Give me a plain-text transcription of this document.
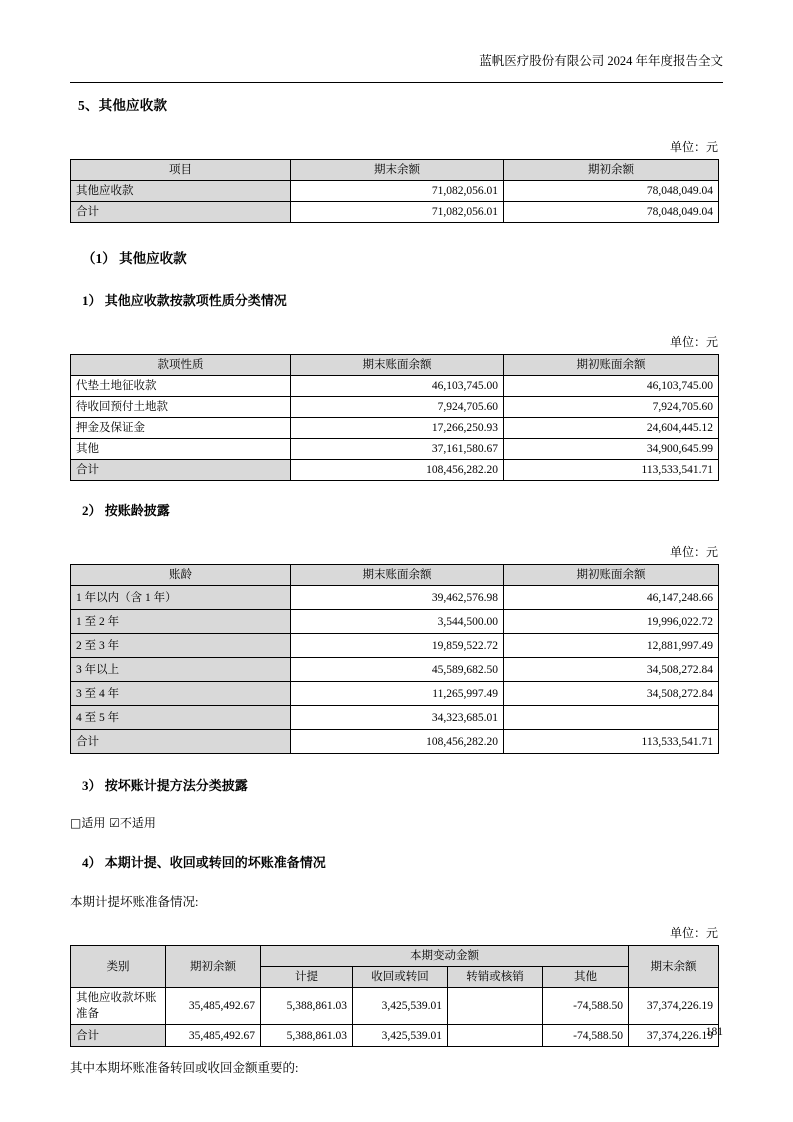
蓝帆医疗股份有限公司 2024 年年度报告全文
5、其他应收款
单位：元
项目	期末余额	期初余额
其他应收款	71,082,056.01	78,048,049.04
合计	71,082,056.01	78,048,049.04
（1） 其他应收款
1） 其他应收款按款项性质分类情况
单位：元
款项性质	期末账面余额	期初账面余额
代垫土地征收款	46,103,745.00	46,103,745.00
待收回预付土地款	7,924,705.60	7,924,705.60
押金及保证金	17,266,250.93	24,604,445.12
其他	37,161,580.67	34,900,645.99
合计	108,456,282.20	113,533,541.71
2） 按账龄披露
单位：元
账龄	期末账面余额	期初账面余额
1 年以内（含 1 年）	39,462,576.98	46,147,248.66
1 至 2 年	3,544,500.00	19,996,022.72
2 至 3 年	19,859,522.72	12,881,997.49
3 年以上	45,589,682.50	34,508,272.84
3 至 4 年	11,265,997.49	34,508,272.84
4 至 5 年	34,323,685.01	
合计	108,456,282.20	113,533,541.71
3） 按坏账计提方法分类披露

□适用 ☑不适用

4） 本期计提、收回或转回的坏账准备情况

本期计提坏账准备情况:

单位：元
类别	期初余额	本期变动金额				期末余额
		计提	收回或转回	转销或核销	其他	
其他应收款坏账准备	35,485,492.67	5,388,861.03	3,425,539.01		-74,588.50	37,374,226.19
合计	35,485,492.67	5,388,861.03	3,425,539.01		-74,588.50	37,374,226.19

其中本期坏账准备转回或收回金额重要的:

181
